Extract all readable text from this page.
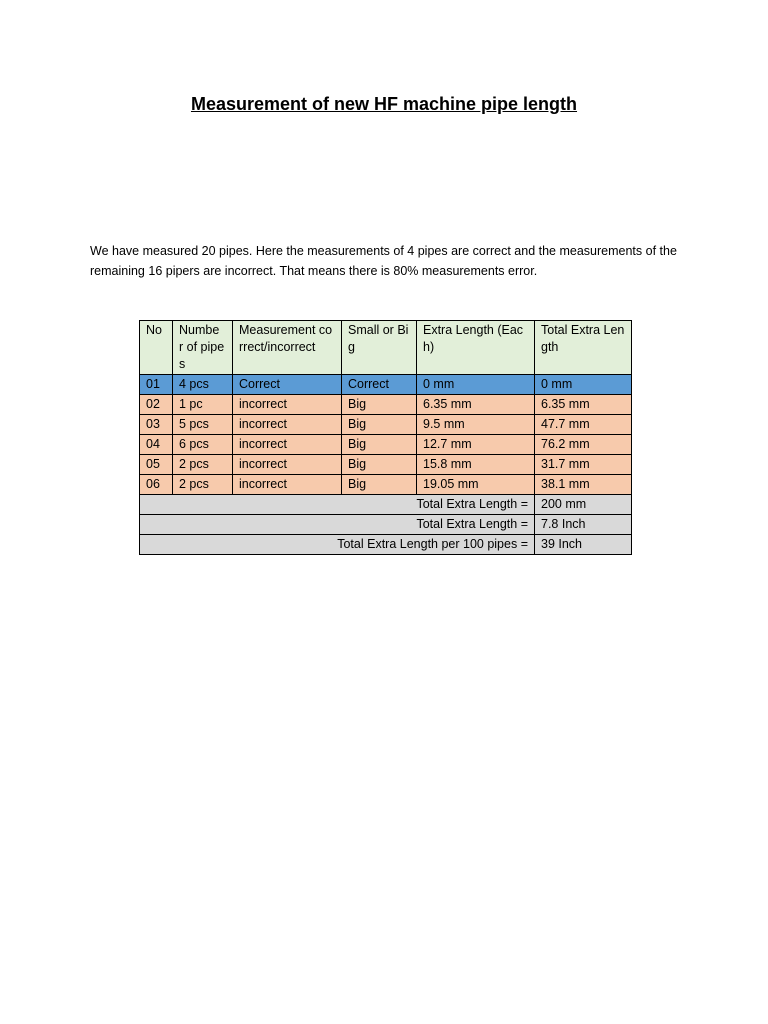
Measurement of new HF machine pipe length
We have measured 20 pipes. Here the measurements of 4 pipes are correct and the measurements of the remaining 16 pipers are incorrect. That means there is 80% measurements error.
No	Numbe r of pipes	Measurement correct/incorrect	Small or Big	Extra Length (Each)	Total Extra Length
01	4 pcs	Correct	Correct	0 mm	0 mm
02	1 pc	incorrect	Big	6.35 mm	6.35 mm
03	5 pcs	incorrect	Big	9.5 mm	47.7 mm
04	6 pcs	incorrect	Big	12.7 mm	76.2 mm
05	2 pcs	incorrect	Big	15.8 mm	31.7 mm
06	2 pcs	incorrect	Big	19.05 mm	38.1 mm
Total Extra Length =					200 mm
Total Extra Length =					7.8 Inch
Total Extra Length per 100 pipes =					39 Inch
